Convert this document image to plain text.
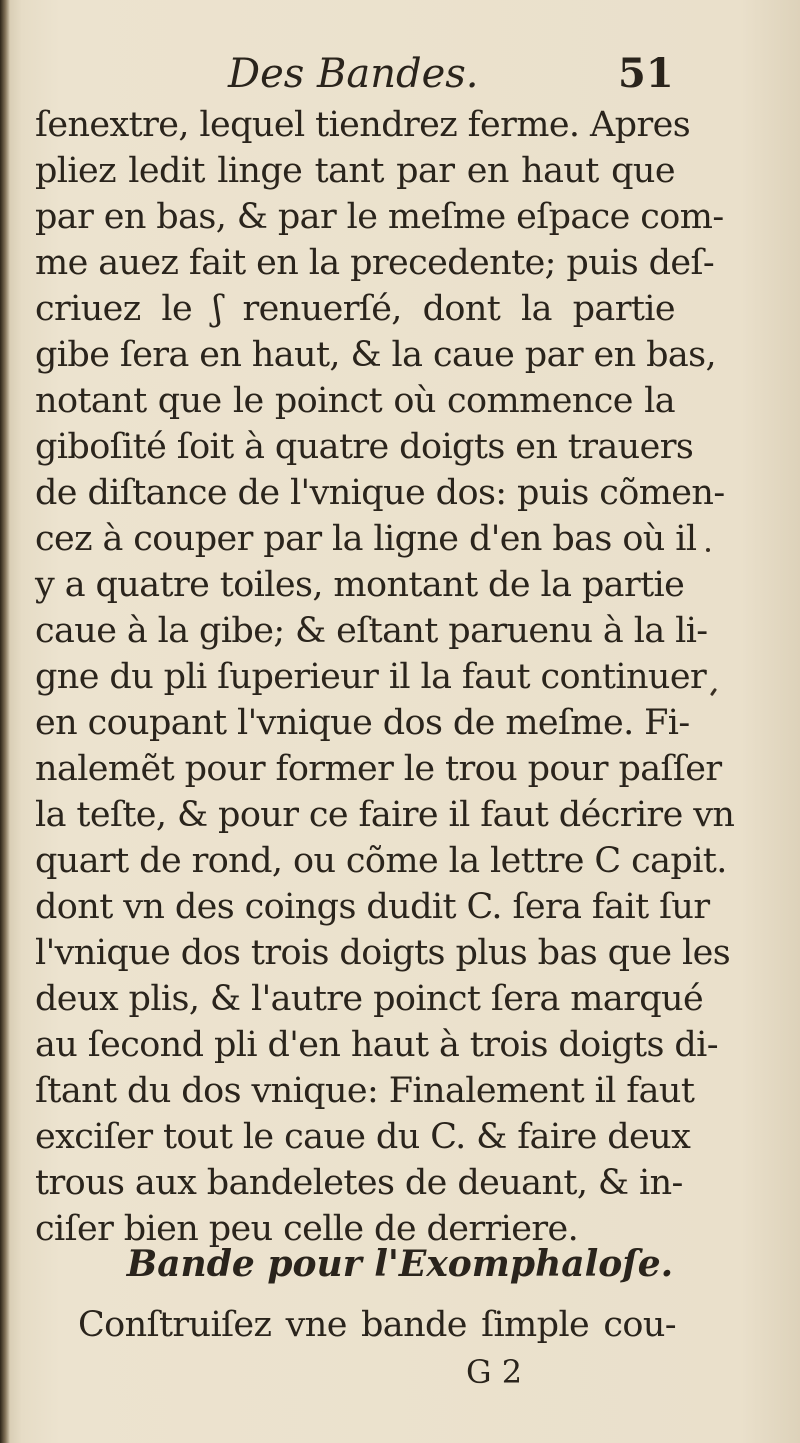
Des Bandes.	51
ſenextre, lequel tiendrez ferme. Apres
pliez ledit linge tant par en haut que
par en bas, & par le meſme eſpace com-
me auez fait en la precedente; puis deſ-
criuez le ʃ renuerſé, dont la partie
gibe ſera en haut, & la caue par en bas,
notant que le poinct où commence la
giboſité ſoit à quatre doigts en trauers
de diſtance de l'vnique dos: puis cõmen-
cez à couper par la ligne d'en bas où il
y a quatre toiles, montant de la partie
caue à la gibe; & eſtant paruenu à la li-
gne du pli ſuperieur il la faut continuer
en coupant l'vnique dos de meſme. Fi-
nalemẽt pour former le trou pour paſſer
la teſte, & pour ce faire il faut décrire vn
quart de rond, ou cõme la lettre C capit.
dont vn des coings dudit C. ſera fait ſur
l'vnique dos trois doigts plus bas que les
deux plis, & l'autre poinct ſera marqué
au ſecond pli d'en haut à trois doigts di-
ſtant du dos vnique: Finalement il faut
exciſer tout le caue du C. & faire deux
trous aux bandeletes de deuant, & in-
ciſer bien peu celle de derriere.
Bande pour l'Exomphaloſe.
Conſtruiſez vne bande ſimple cou-
G 2
